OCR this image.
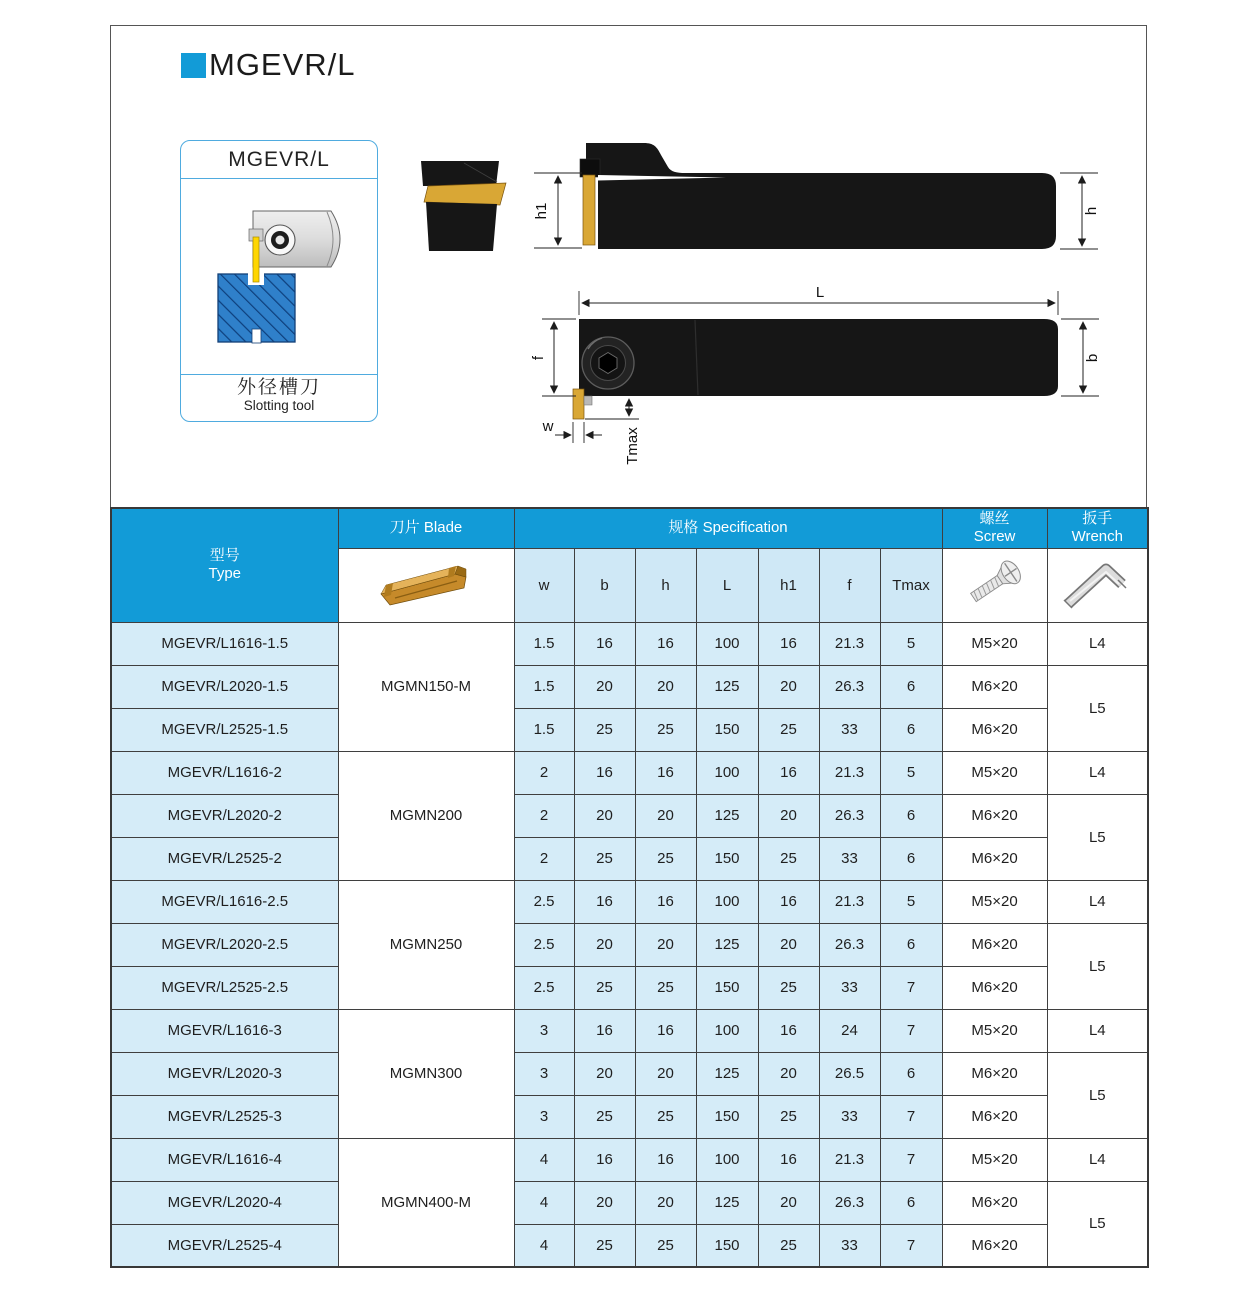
MGEVR/L
MGEVR/L
外径槽刀
Slotting tool
h1	h
L
f	b
w
Tmax
型号
Type
	刀片 Blade	规格 Specification	
螺丝
Screw

扳手
Wrench

	w	b	h	L	h1	f	Tmax		
MGEVR/L1616-1.5	MGMN150-M	1.5	16	16	100	16	21.3	5	M5×20	L4
MGEVR/L2020-1.5		1.5	20	20	125	20	26.3	6	M6×20	L5
MGEVR/L2525-1.5		1.5	25	25	150	25	33	6	M6×20	
MGEVR/L1616-2	MGMN200	2	16	16	100	16	21.3	5	M5×20	L4
MGEVR/L2020-2		2	20	20	125	20	26.3	6	M6×20	L5
MGEVR/L2525-2		2	25	25	150	25	33	6	M6×20	
MGEVR/L1616-2.5	MGMN250	2.5	16	16	100	16	21.3	5	M5×20	L4
MGEVR/L2020-2.5		2.5	20	20	125	20	26.3	6	M6×20	L5
MGEVR/L2525-2.5		2.5	25	25	150	25	33	7	M6×20	
MGEVR/L1616-3	MGMN300	3	16	16	100	16	24	7	M5×20	L4
MGEVR/L2020-3		3	20	20	125	20	26.5	6	M6×20	L5
MGEVR/L2525-3		3	25	25	150	25	33	7	M6×20	
MGEVR/L1616-4	MGMN400-M	4	16	16	100	16	21.3	7	M5×20	L4
MGEVR/L2020-4		4	20	20	125	20	26.3	6	M6×20	L5
MGEVR/L2525-4		4	25	25	150	25	33	7	M6×20	
